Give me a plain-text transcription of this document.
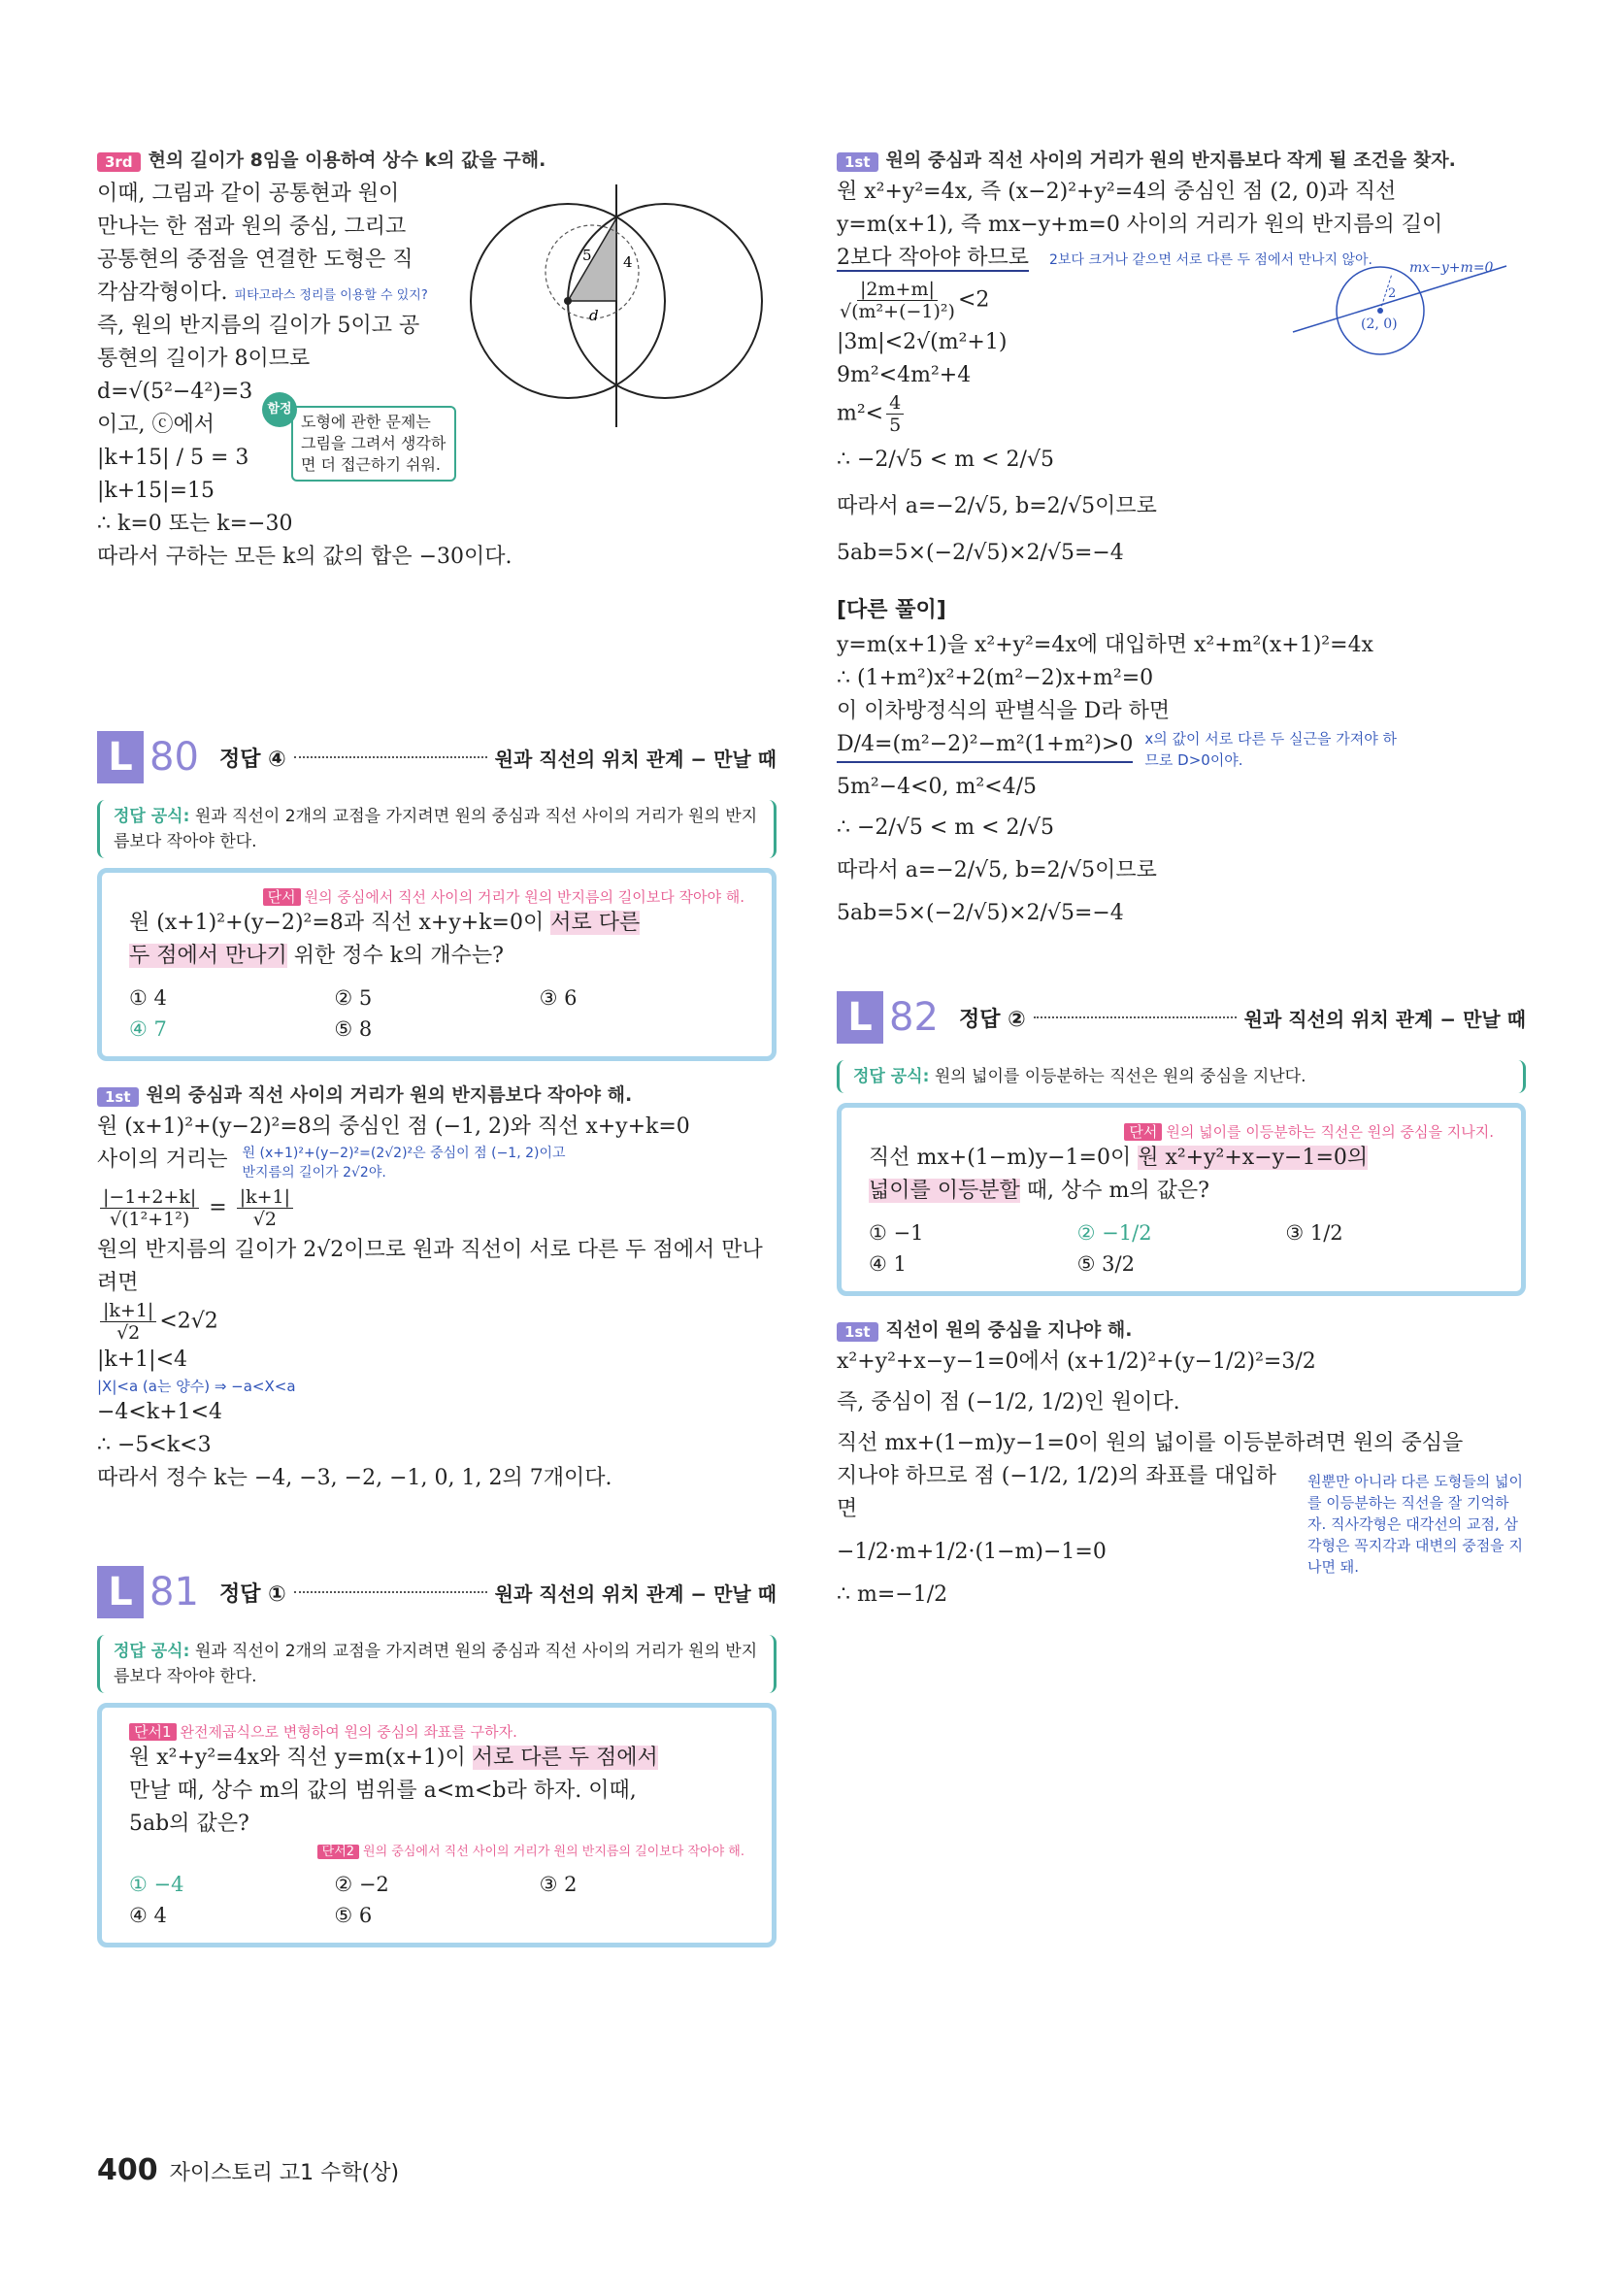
3rd 현의 길이가 8임을 이용하여 상수 k의 값을 구해.
이때, 그림과 같이 공통현과 원이
만나는 한 점과 원의 중심, 그리고
공통현의 중점을 연결한 도형은 직
각삼각형이다. 피타고라스 정리를 이용할 수 있지?
즉, 원의 반지름의 길이가 5이고 공
통현의 길이가 8이므로
d=√(5²−4²)=3
이고, ⓒ에서
|k+15| / 5 = 3
|k+15|=15
∴ k=0 또는 k=−30
따라서 구하는 모든 k의 값의 합은 −30이다.
함정
도형에 관한 문제는 그림을 그려서 생각하면 더 접근하기 쉬워.
5 4
d
L 80 정답 ④	원과 직선의 위치 관계 − 만날 때
정답 공식: 원과 직선이 2개의 교점을 가지려면 원의 중심과 직선 사이의 거리가 원의 반지름보다 작아야 한다.
단서 원의 중심에서 직선 사이의 거리가 원의 반지름의 길이보다 작아야 해.
원 (x+1)²+(y−2)²=8과 직선 x+y+k=0이 서로 다른
두 점에서 만나기 위한 정수 k의 개수는?
① 4	② 5	③ 6
④ 7	⑤ 8
1st 원의 중심과 직선 사이의 거리가 원의 반지름보다 작아야 해.
원 (x+1)²+(y−2)²=8의 중심인 점 (−1, 2)와 직선 x+y+k=0
사이의 거리는 원 (x+1)²+(y−2)²=(2√2)²은 중심이 점 (−1, 2)이고
반지름의 길이가 2√2야.
$\frac{|-1+2+k|}{\text{√(1²+1²)}} = \frac{|k+1|}{√2}$
원의 반지름의 길이가 2√2이므로 원과 직선이 서로 다른 두 점에서 만나
려면
$\frac{|k+1|}{√2} <2√2$
|k+1|<4
|X|<a (a는 양수) ⇒ −a<X<a
−4<k+1<4
∴ −5<k<3
따라서 정수 k는 −4, −3, −2, −1, 0, 1, 2의 7개이다.
L 81 정답 ①	원과 직선의 위치 관계 − 만날 때
정답 공식: 원과 직선이 2개의 교점을 가지려면 원의 중심과 직선 사이의 거리가 원의 반지름보다 작아야 한다.
단서1 완전제곱식으로 변형하여 원의 중심의 좌표를 구하자.
원 x²+y²=4x와 직선 y=m(x+1)이 서로 다른 두 점에서
만날 때, 상수 m의 값의 범위를 a<m<b라 하자. 이때,
5ab의 값은?
단서2 원의 중심에서 직선 사이의 거리가 원의 반지름의 길이보다 작아야 해.
① −4	② −2	③ 2
④ 4	⑤ 6
1st 원의 중심과 직선 사이의 거리가 원의 반지름보다 작게 될 조건을 찾자.
원 x²+y²=4x, 즉 (x−2)²+y²=4의 중심인 점 (2, 0)과 직선
y=m(x+1), 즉 mx−y+m=0 사이의 거리가 원의 반지름의 길이
2보다 작아야 하므로 2보다 크거나 같으면 서로 다른 두 점에서 만나지 않아.
$\frac{|2m+m|}{\text{√(m²+(−1)²)}} <2$
|3m|<2√(m²+1)
9m²<4m²+4
$m^2< \frac{4}{5}$
∴ −2/√5 < m < 2/√5
따라서 a=−2/√5, b=2/√5이므로
5ab=5×(−2/√5)×2/√5=−4
mx−y+m=0
(2, 0)
2
[다른 풀이]
y=m(x+1)을 x²+y²=4x에 대입하면 x²+m²(x+1)²=4x
∴ (1+m²)x²+2(m²−2)x+m²=0
이 이차방정식의 판별식을 D라 하면
D/4=(m²−2)²−m²(1+m²)>0 x의 값이 서로 다른 두 실근을 가져야 하므로 D>0이야.
5m²−4<0, m²<4/5
∴ −2/√5 < m < 2/√5
따라서 a=−2/√5, b=2/√5이므로
5ab=5×(−2/√5)×2/√5=−4
L 82 정답 ②	원과 직선의 위치 관계 − 만날 때
정답 공식: 원의 넓이를 이등분하는 직선은 원의 중심을 지난다.
단서 원의 넓이를 이등분하는 직선은 원의 중심을 지나지.
직선 mx+(1−m)y−1=0이 원 x²+y²+x−y−1=0의
넓이를 이등분할 때, 상수 m의 값은?
① −1	② −1/2	③ 1/2
④ 1	⑤ 3/2
1st 직선이 원의 중심을 지나야 해.
x²+y²+x−y−1=0에서 (x+1/2)²+(y−1/2)²=3/2
즉, 중심이 점 (−1/2, 1/2)인 원이다.
직선 mx+(1−m)y−1=0이 원의 넓이를 이등분하려면 원의 중심을
지나야 하므로 점 (−1/2, 1/2)의 좌표를 대입하면
−1/2·m+1/2·(1−m)−1=0
∴ m=−1/2
원뿐만 아니라 다른 도형들의 넓이를 이등분하는 직선을 잘 기억하자. 직사각형은 대각선의 교점, 삼각형은 꼭지각과 대변의 중점을 지나면 돼.
400 자이스토리 고1 수학(상)
